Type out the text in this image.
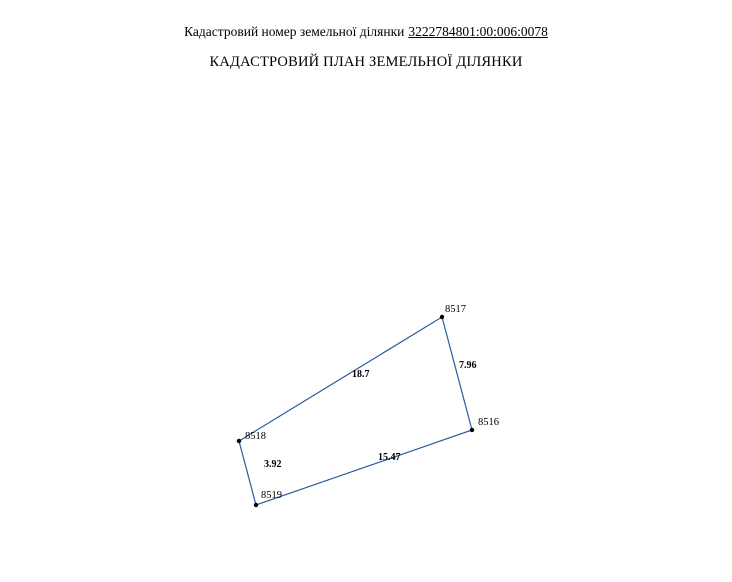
Кадастровий номер земельної ділянки 3222784801:00:006:0078
КАДАСТРОВИЙ ПЛАН ЗЕМЕЛЬНОЇ ДІЛЯНКИ
8517
8516
8519
8518
7.96
15.47
3.92
18.7
